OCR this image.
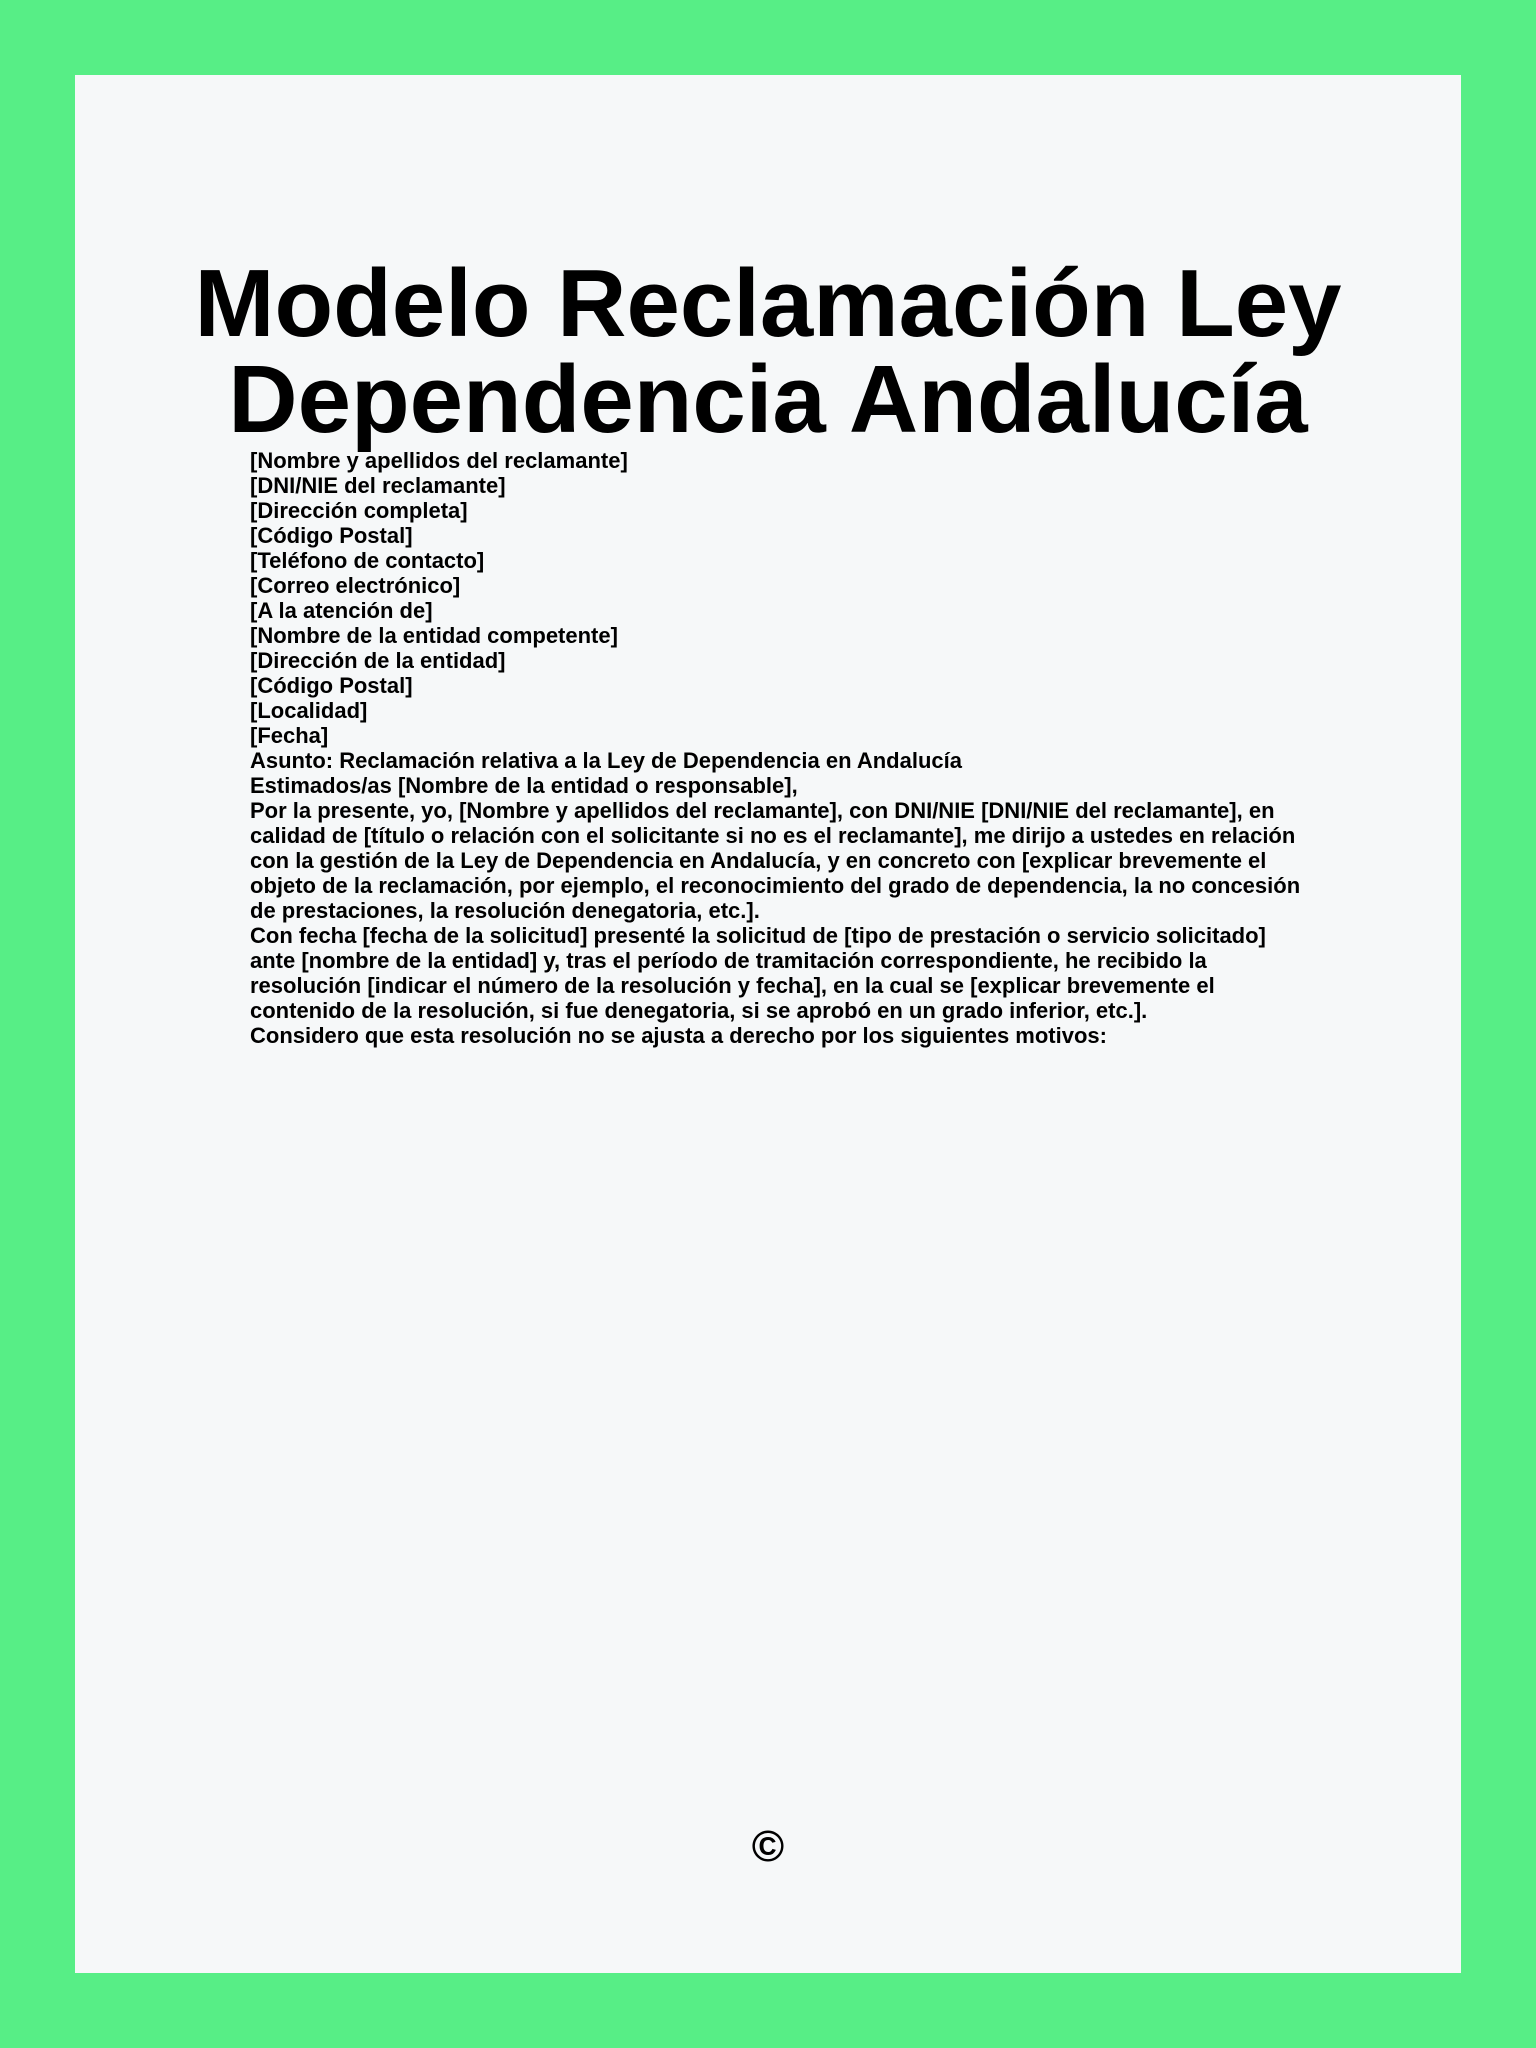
Modelo Reclamación Ley
Dependencia Andalucía

[Nombre y apellidos del reclamante]

[DNI/NIE del reclamante]

[Dirección completa]

[Código Postal]

[Teléfono de contacto]

[Correo electrónico]

[A la atención de]

[Nombre de la entidad competente]

[Dirección de la entidad]

[Código Postal]

[Localidad]

[Fecha]

Asunto: Reclamación relativa a la Ley de Dependencia en Andalucía

Estimados/as [Nombre de la entidad o responsable],

Por la presente, yo, [Nombre y apellidos del reclamante], con DNI/NIE [DNI/NIE del reclamante], en calidad de [título o relación con el solicitante si no es el reclamante], me dirijo a ustedes en relación con la gestión de la Ley de Dependencia en Andalucía, y en concreto con [explicar brevemente el objeto de la reclamación, por ejemplo, el reconocimiento del grado de dependencia, la no concesión de prestaciones, la resolución denegatoria, etc.].

Con fecha [fecha de la solicitud] presenté la solicitud de [tipo de prestación o servicio solicitado] ante [nombre de la entidad] y, tras el período de tramitación correspondiente, he recibido la resolución [indicar el número de la resolución y fecha], en la cual se [explicar brevemente el contenido de la resolución, si fue denegatoria, si se aprobó en un grado inferior, etc.].

Considero que esta resolución no se ajusta a derecho por los siguientes motivos:

©
